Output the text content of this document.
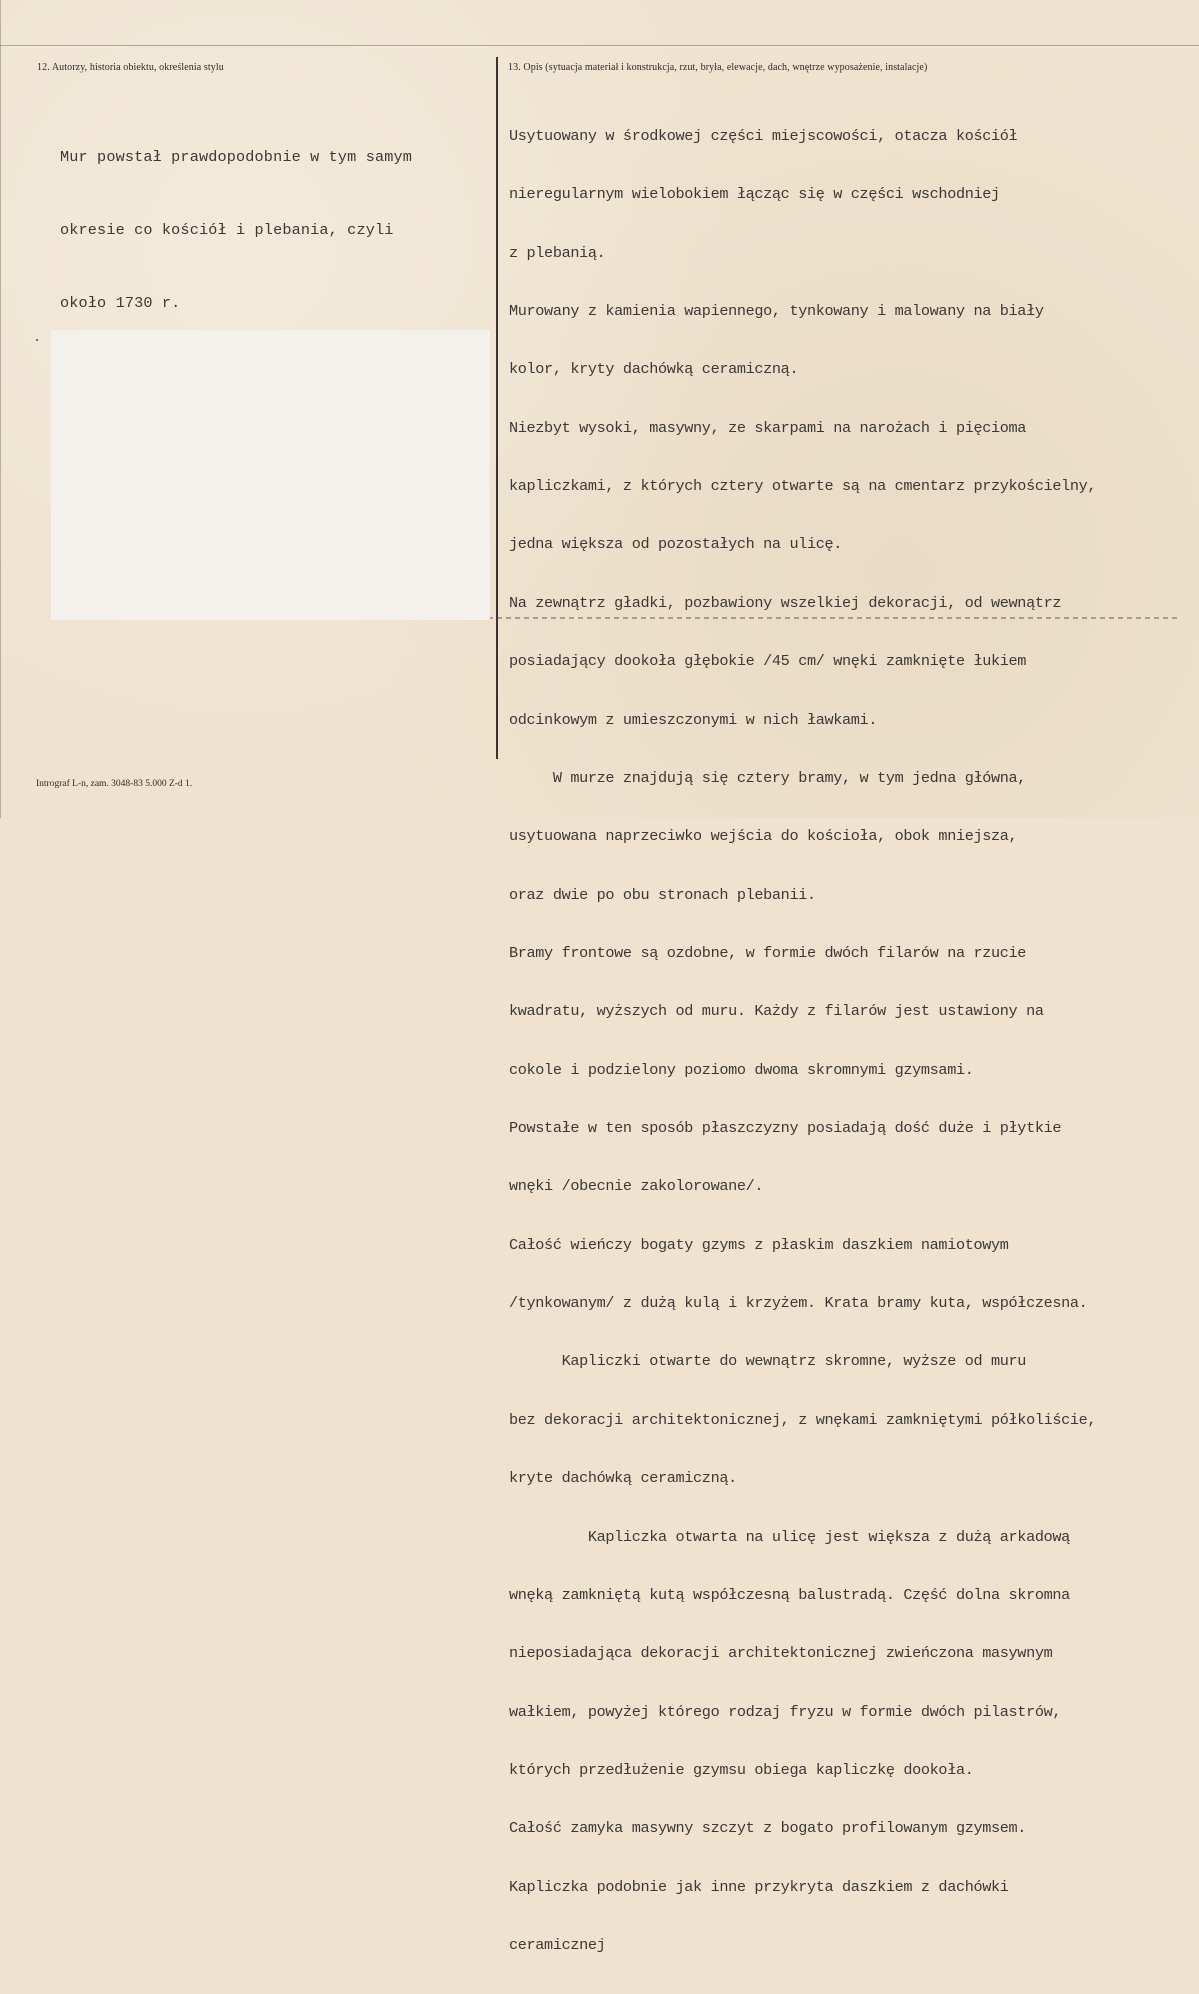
12. Autorzy, historia obiektu, określenia stylu	13. Opis (sytuacja materiał i konstrukcja, rzut, bryła, elewacje, dach, wnętrze wyposażenie, instalacje)

Mur powstał prawdopodobnie w tym samym

okresie co kościół i plebania, czyli

około 1730 r.

Usytuowany w środkowej części miejscowości, otacza kościół

nieregularnym wielobokiem łącząc się w części wschodniej

z plebanią.

Murowany z kamienia wapiennego, tynkowany i malowany na biały

kolor, kryty dachówką ceramiczną.

Niezbyt wysoki, masywny, ze skarpami na narożach i pięcioma

kapliczkami, z których cztery otwarte są na cmentarz przykościelny,

jedna większa od pozostałych na ulicę.

Na zewnątrz gładki, pozbawiony wszelkiej dekoracji, od wewnątrz

posiadający dookoła głębokie /45 cm/ wnęki zamknięte łukiem

odcinkowym z umieszczonymi w nich ławkami.

W murze znajdują się cztery bramy, w tym jedna główna,

usytuowana naprzeciwko wejścia do kościoła, obok mniejsza,

oraz dwie po obu stronach plebanii.

Bramy frontowe są ozdobne, w formie dwóch filarów na rzucie

kwadratu, wyższych od muru. Każdy z filarów jest ustawiony na

cokole i podzielony poziomo dwoma skromnymi gzymsami.

Powstałe w ten sposób płaszczyzny posiadają dość duże i płytkie

wnęki /obecnie zakolorowane/.

Całość wieńczy bogaty gzyms z płaskim daszkiem namiotowym

/tynkowanym/ z dużą kulą i krzyżem. Krata bramy kuta, współczesna.

Kapliczki otwarte do wewnątrz skromne, wyższe od muru

bez dekoracji architektonicznej, z wnękami zamkniętymi półkoliście,

kryte dachówką ceramiczną.

Kapliczka otwarta na ulicę jest większa z dużą arkadową

wnęką zamkniętą kutą współczesną balustradą. Część dolna skromna

nieposiadająca dekoracji architektonicznej zwieńczona masywnym

wałkiem, powyżej którego rodzaj fryzu w formie dwóch pilastrów,

których przedłużenie gzymsu obiega kapliczkę dookoła.

Całość zamyka masywny szczyt z bogato profilowanym gzymsem.

Kapliczka podobnie jak inne przykryta daszkiem z dachówki

ceramicznej

Intrograf L-n, zam. 3048-83 5.000 Z-d 1.
